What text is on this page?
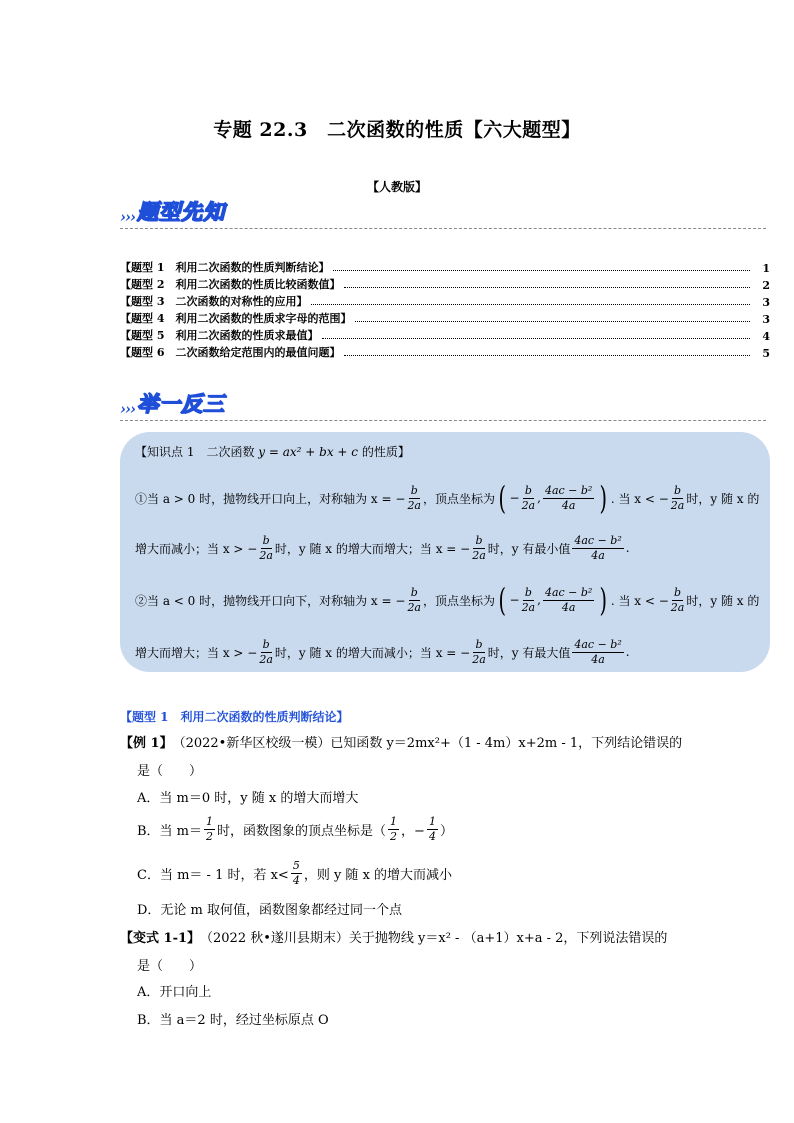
专题 22.3　二次函数的性质【六大题型】
【人教版】
››› 题型先知
【题型 1　利用二次函数的性质判断结论】	1
【题型 2　利用二次函数的性质比较函数值】	2
【题型 3　二次函数的对称性的应用】	3
【题型 4　利用二次函数的性质求字母的范围】	3
【题型 5　利用二次函数的性质求最值】	4
【题型 6　二次函数给定范围内的最值问题】	5
››› 举一反三
【知识点 1　二次函数 y = ax² + bx + c 的性质】
①当 a > 0 时，抛物线开口向上，对称轴为 x = − $\frac{b}{2a}$ ，顶点坐标为 ( − $\frac{b}{2a}$ , $\frac{\text{4ac − b²}}{4a}$ ) . 当 x < − $\frac{b}{2a}$ 时，y 随 x 的
增大而减小；当 x > − $\frac{b}{2a}$ 时，y 随 x 的增大而增大；当 x = − $\frac{b}{2a}$ 时，y 有最小值 $\frac{\text{4ac − b²}}{4a}$ .
②当 a < 0 时，抛物线开口向下，对称轴为 x = − $\frac{b}{2a}$ ，顶点坐标为 ( − $\frac{b}{2a}$ , $\frac{\text{4ac − b²}}{4a}$ ) . 当 x < − $\frac{b}{2a}$ 时，y 随 x 的
增大而增大；当 x > − $\frac{b}{2a}$ 时，y 随 x 的增大而减小；当 x = − $\frac{b}{2a}$ 时，y 有最大值 $\frac{\text{4ac − b²}}{4a}$ .
【题型 1　利用二次函数的性质判断结论】
【例 1】 （2022•新华区校级一模）已知函数 y＝2mx²+（1 - 4m）x+2m - 1，下列结论错误的
是（　　）
A．当 m＝0 时，y 随 x 的增大而增大
B．当 $m= \frac{1}{2}$ 时，函数图象的顶点坐标是（ $\frac{1}{2}$ ，− $\frac{1}{4}$ ）
C．当 m＝ - 1 时，若 $x< \frac{5}{4}$ ，则 y 随 x 的增大而减小
D．无论 m 取何值，函数图象都经过同一个点
【变式 1-1】 （2022 秋•遂川县期末）关于抛物线 y＝x² - （a+1）x+a - 2，下列说法错误的
是（　　）
A．开口向上
B．当 a＝2 时，经过坐标原点 O
